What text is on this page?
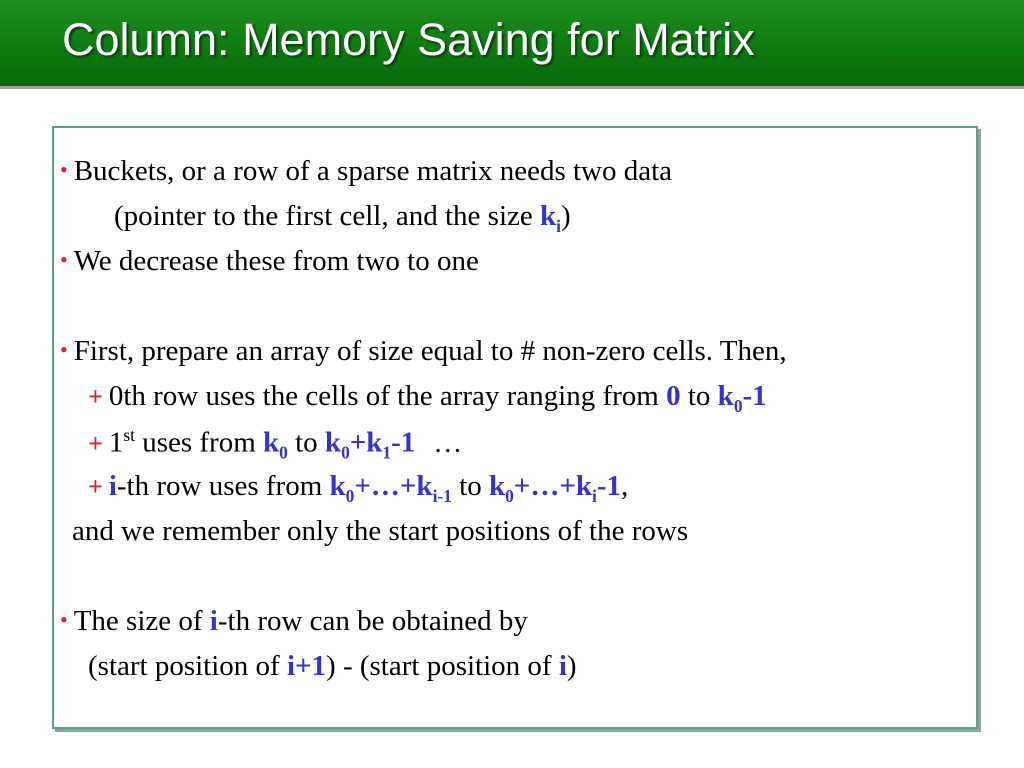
Column: Memory Saving for Matrix
• Buckets, or a row of a sparse matrix needs two data
(pointer to the first cell, and the size $k_i$)
• We decrease these from two to one
• First, prepare an array of size equal to # non-zero cells. Then,
+ 0th row uses the cells of the array ranging from 0 to $k_0-1$
+ 1st uses from $k_0$ to $k_0+k_1-1$ …
+ i-th row uses from $k_0+\dots+k_{i-1}$ to $k_0+\dots+k_i-1$,
and we remember only the start positions of the rows
• The size of i-th row can be obtained by
(start position of i+1) - (start position of i)
